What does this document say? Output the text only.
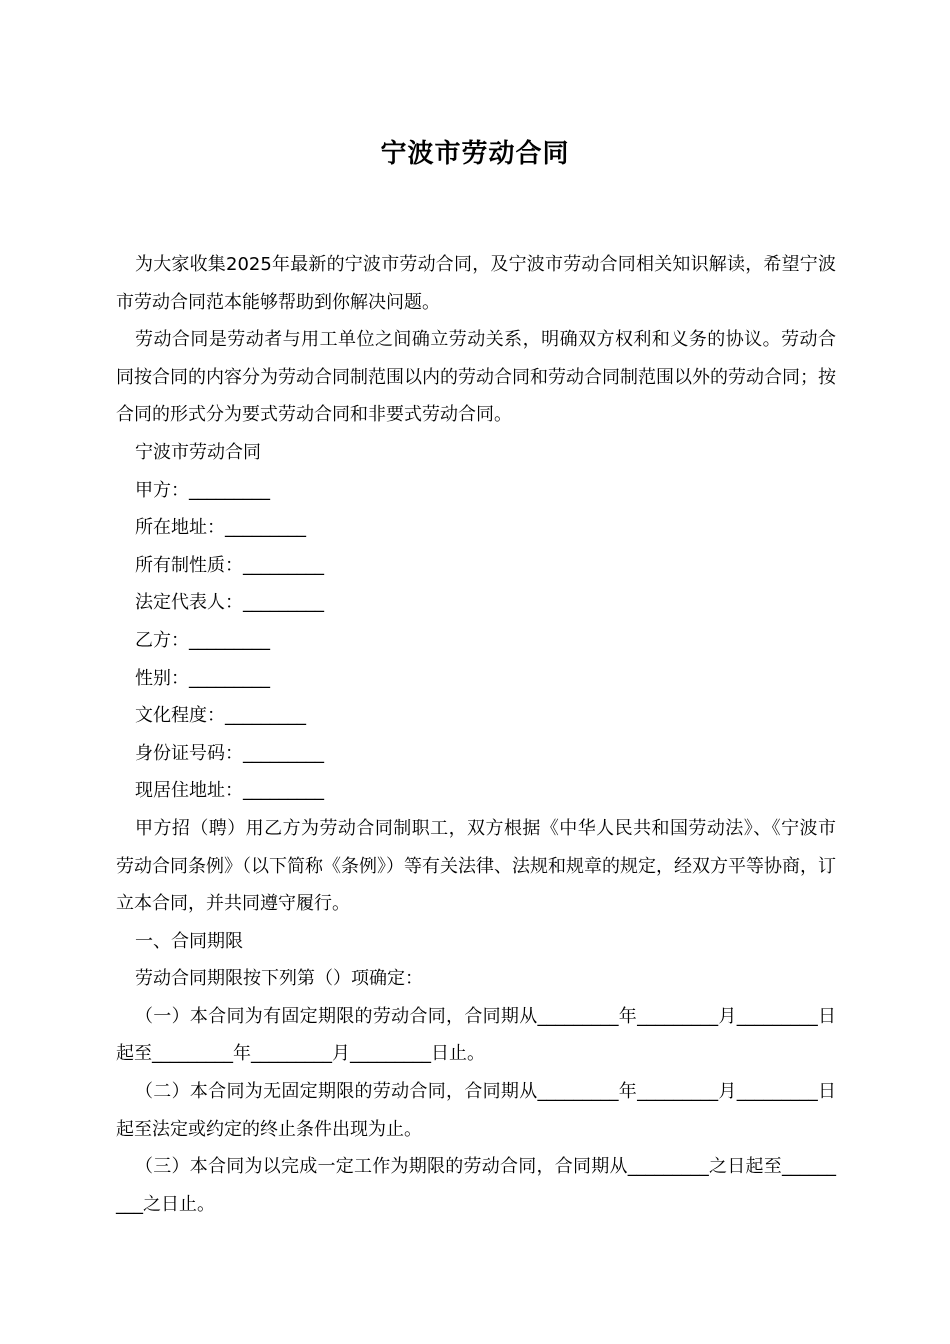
宁波市劳动合同

为大家收集2025年最新的宁波市劳动合同，及宁波市劳动合同相关知识解读，希望宁波市劳动合同范本能够帮助到你解决问题。

劳动合同是劳动者与用工单位之间确立劳动关系，明确双方权利和义务的协议。劳动合同按合同的内容分为劳动合同制范围以内的劳动合同和劳动合同制范围以外的劳动合同；按合同的形式分为要式劳动合同和非要式劳动合同。

宁波市劳动合同

甲方：_________

所在地址：_________

所有制性质：_________

法定代表人：_________

乙方：_________

性别：_________

文化程度：_________

身份证号码：_________

现居住地址：_________

甲方招（聘）用乙方为劳动合同制职工，双方根据《中华人民共和国劳动法》、《宁波市劳动合同条例》（以下简称《条例》）等有关法律、法规和规章的规定，经双方平等协商，订立本合同，并共同遵守履行。

一、合同期限

劳动合同期限按下列第（）项确定：

（一）本合同为有固定期限的劳动合同，合同期从_________年_________月_________日起至_________年_________月_________日止。

（二）本合同为无固定期限的劳动合同，合同期从_________年_________月_________日起至法定或约定的终止条件出现为止。

（三）本合同为以完成一定工作为期限的劳动合同，合同期从_________之日起至_________之日止。
